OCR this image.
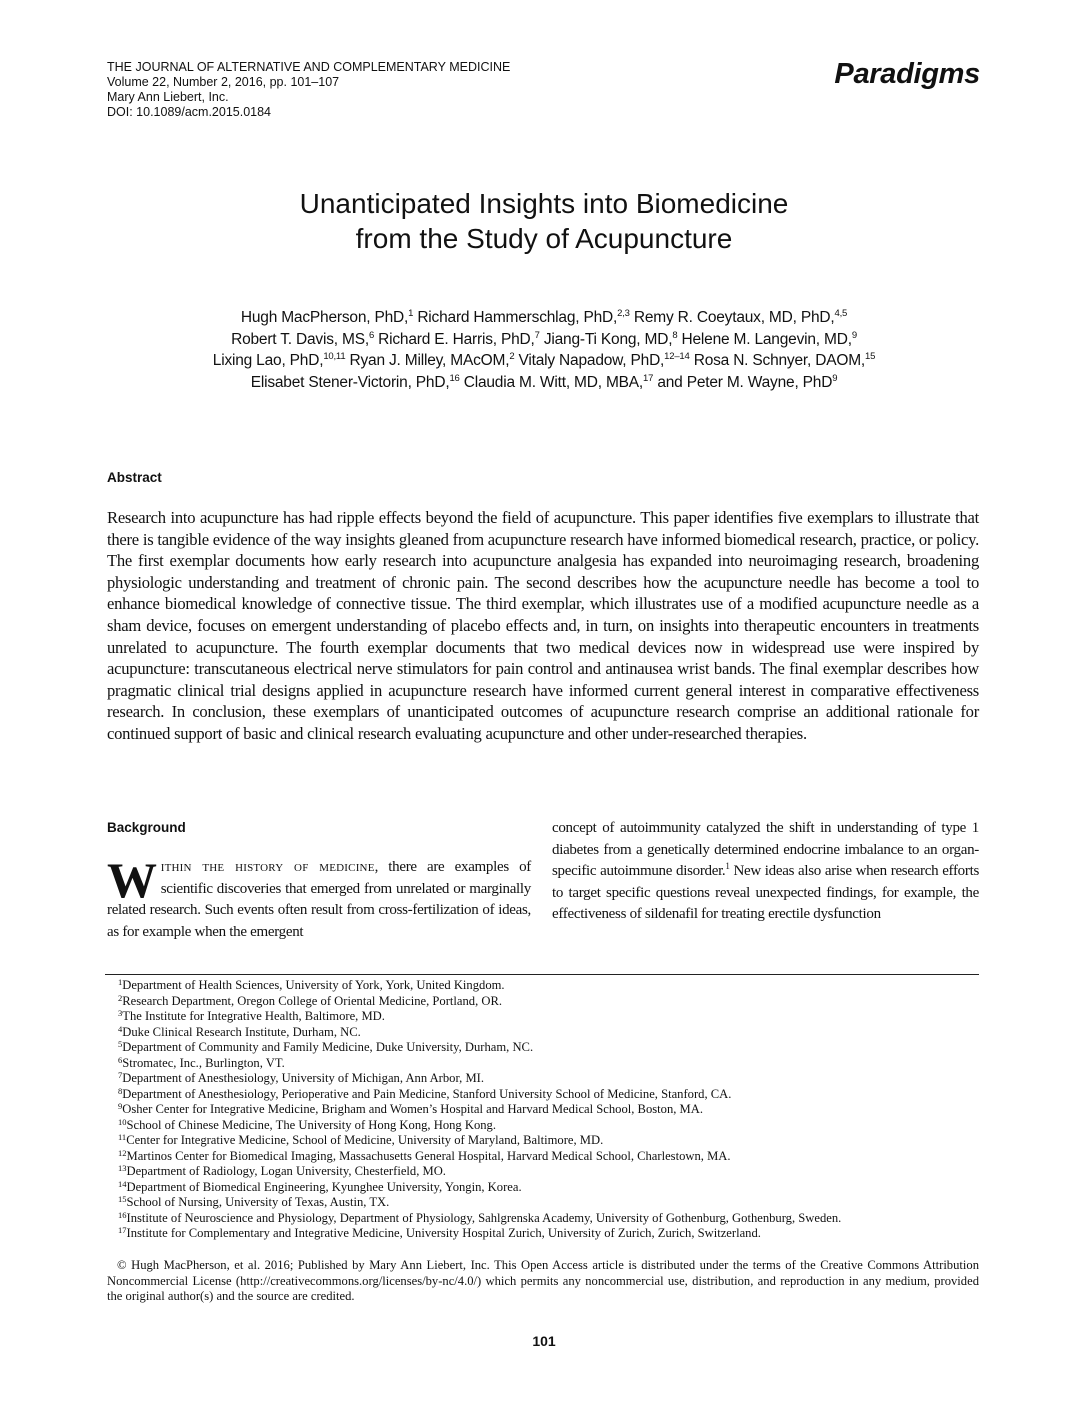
THE JOURNAL OF ALTERNATIVE AND COMPLEMENTARY MEDICINE
Volume 22, Number 2, 2016, pp. 101–107
Mary Ann Liebert, Inc.
DOI: 10.1089/acm.2015.0184
Paradigms
Unanticipated Insights into Biomedicine
from the Study of Acupuncture
Hugh MacPherson, PhD,$^1$ Richard Hammerschlag, PhD,$^{2,3}$ Remy R. Coeytaux, MD, PhD,$^{4,5}$
Robert T. Davis, MS,$^6$ Richard E. Harris, PhD,$^7$ Jiang-Ti Kong, MD,$^8$ Helene M. Langevin, MD,$^9$
Lixing Lao, PhD,$^{10,11}$ Ryan J. Milley, MAcOM,$^2$ Vitaly Napadow, PhD,$^{12-14}$ Rosa N. Schnyer, DAOM,$^{15}$
Elisabet Stener-Victorin, PhD,$^{16}$ Claudia M. Witt, MD, MBA,$^{17}$ and Peter M. Wayne, PhD$^9$
Abstract

Research into acupuncture has had ripple effects beyond the field of acupuncture. This paper identifies five exemplars to illustrate that there is tangible evidence of the way insights gleaned from acupuncture research have informed biomedical research, practice, or policy. The first exemplar documents how early research into acupuncture analgesia has expanded into neuroimaging research, broadening physiologic understanding and treatment of chronic pain. The second describes how the acupuncture needle has become a tool to enhance biomedical knowledge of connective tissue. The third exemplar, which illustrates use of a modified acupuncture needle as a sham device, focuses on emergent understanding of placebo effects and, in turn, on insights into therapeutic encounters in treatments unrelated to acupuncture. The fourth exemplar documents that two medical devices now in widespread use were inspired by acupuncture: transcutaneous electrical nerve stimulators for pain control and antinausea wrist bands. The final exemplar describes how pragmatic clinical trial designs applied in acupuncture research have informed current general interest in comparative effectiveness research. In conclusion, these exemplars of unanticipated outcomes of acupuncture research comprise an additional rationale for continued support of basic and clinical research evaluating acupuncture and other under-researched therapies.

Background
Within the history of medicine, there are examples of scientific discoveries that emerged from unrelated or marginally related research. Such events often result from cross-fertilization of ideas, as for example when the emergent
concept of autoimmunity catalyzed the shift in understanding of type 1 diabetes from a genetically determined endocrine imbalance to an organ-specific autoimmune disorder.$^1$ New ideas also arise when research efforts to target specific questions reveal unexpected findings, for example, the effectiveness of sildenafil for treating erectile dysfunction
$^1$Department of Health Sciences, University of York, York, United Kingdom.
$^2$Research Department, Oregon College of Oriental Medicine, Portland, OR.
$^3$The Institute for Integrative Health, Baltimore, MD.
$^4$Duke Clinical Research Institute, Durham, NC.
$^5$Department of Community and Family Medicine, Duke University, Durham, NC.
$^6$Stromatec, Inc., Burlington, VT.
$^7$Department of Anesthesiology, University of Michigan, Ann Arbor, MI.
$^8$Department of Anesthesiology, Perioperative and Pain Medicine, Stanford University School of Medicine, Stanford, CA.
$^9$Osher Center for Integrative Medicine, Brigham and Women’s Hospital and Harvard Medical School, Boston, MA.
$^{10}$School of Chinese Medicine, The University of Hong Kong, Hong Kong.
$^{11}$Center for Integrative Medicine, School of Medicine, University of Maryland, Baltimore, MD.
$^{12}$Martinos Center for Biomedical Imaging, Massachusetts General Hospital, Harvard Medical School, Charlestown, MA.
$^{13}$Department of Radiology, Logan University, Chesterfield, MO.
$^{14}$Department of Biomedical Engineering, Kyunghee University, Yongin, Korea.
$^{15}$School of Nursing, University of Texas, Austin, TX.
$^{16}$Institute of Neuroscience and Physiology, Department of Physiology, Sahlgrenska Academy, University of Gothenburg, Gothenburg, Sweden.
$^{17}$Institute for Complementary and Integrative Medicine, University Hospital Zurich, University of Zurich, Zurich, Switzerland.

© Hugh MacPherson, et al. 2016; Published by Mary Ann Liebert, Inc. This Open Access article is distributed under the terms of the Creative Commons Attribution Noncommercial License (http://creativecommons.org/licenses/by-nc/4.0/) which permits any noncommercial use, distribution, and reproduction in any medium, provided the original author(s) and the source are credited.

101
